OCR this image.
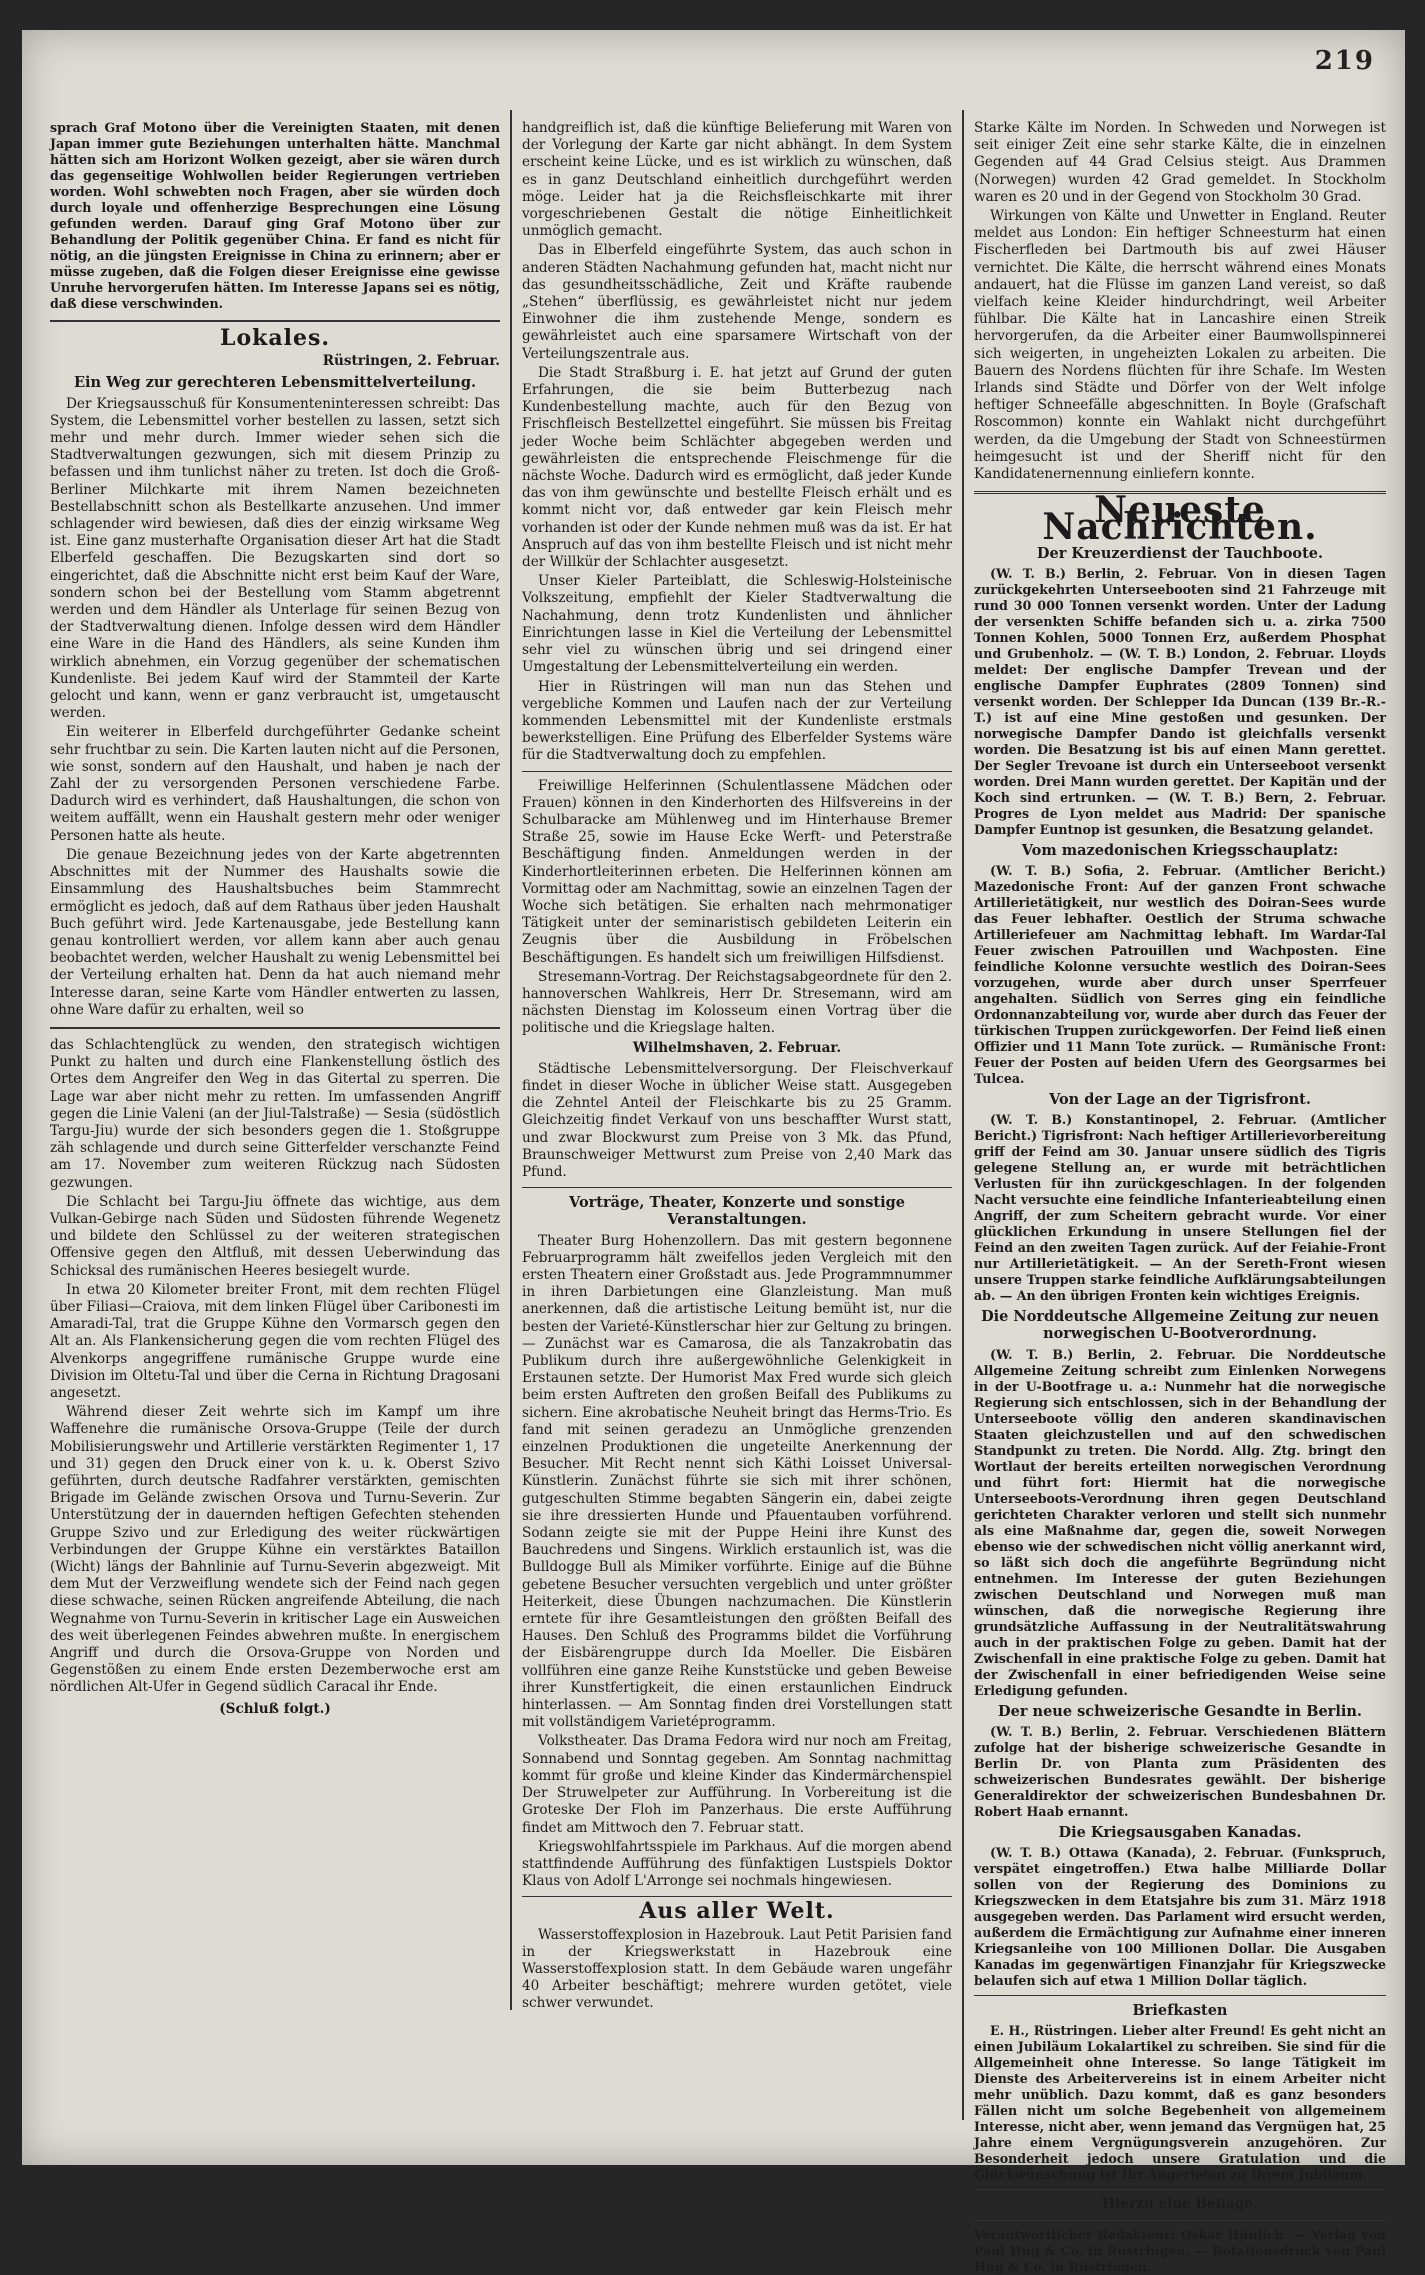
219

sprach Graf Motono über die Vereinigten Staaten, mit denen Japan immer gute Beziehungen unterhalten hätte. Manchmal hätten sich am Horizont Wolken gezeigt, aber sie wären durch das gegenseitige Wohlwollen beider Regierungen vertrieben worden. Wohl schwebten noch Fragen, aber sie würden doch durch loyale und offenherzige Besprechungen eine Lösung gefunden werden. Darauf ging Graf Motono über zur Behandlung der Politik gegenüber China. Er fand es nicht für nötig, an die jüngsten Ereignisse in China zu erinnern; aber er müsse zugeben, daß die Folgen dieser Ereignisse eine gewisse Unruhe hervorgerufen hätten. Im Interesse Japans sei es nötig, daß diese verschwinden.

Lokales.
Rüstringen, 2. Februar.
Ein Weg zur gerechteren Lebensmittelverteilung.

Der Kriegsausschuß für Konsumenteninteressen schreibt: Das System, die Lebensmittel vorher bestellen zu lassen, setzt sich mehr und mehr durch. Immer wieder sehen sich die Stadtverwaltungen gezwungen, sich mit diesem Prinzip zu befassen und ihm tunlichst näher zu treten. Ist doch die Groß-Berliner Milchkarte mit ihrem Namen bezeichneten Bestellabschnitt schon als Bestellkarte anzusehen. Und immer schlagender wird bewiesen, daß dies der einzig wirksame Weg ist. Eine ganz musterhafte Organisation dieser Art hat die Stadt Elberfeld geschaffen. Die Bezugskarten sind dort so eingerichtet, daß die Abschnitte nicht erst beim Kauf der Ware, sondern schon bei der Bestellung vom Stamm abgetrennt werden und dem Händler als Unterlage für seinen Bezug von der Stadtverwaltung dienen. Infolge dessen wird dem Händler eine Ware in die Hand des Händlers, als seine Kunden ihm wirklich abnehmen, ein Vorzug gegenüber der schematischen Kundenliste. Bei jedem Kauf wird der Stammteil der Karte gelocht und kann, wenn er ganz verbraucht ist, umgetauscht werden.

Ein weiterer in Elberfeld durchgeführter Gedanke scheint sehr fruchtbar zu sein. Die Karten lauten nicht auf die Personen, wie sonst, sondern auf den Haushalt, und haben je nach der Zahl der zu versorgenden Personen verschiedene Farbe. Dadurch wird es verhindert, daß Haushaltungen, die schon von weitem auffällt, wenn ein Haushalt gestern mehr oder weniger Personen hatte als heute.

Die genaue Bezeichnung jedes von der Karte abgetrennten Abschnittes mit der Nummer des Haushalts sowie die Einsammlung des Haushaltsbuches beim Stammrecht ermöglicht es jedoch, daß auf dem Rathaus über jeden Haushalt Buch geführt wird. Jede Kartenausgabe, jede Bestellung kann genau kontrolliert werden, vor allem kann aber auch genau beobachtet werden, welcher Haushalt zu wenig Lebensmittel bei der Verteilung erhalten hat. Denn da hat auch niemand mehr Interesse daran, seine Karte vom Händler entwerten zu lassen, ohne Ware dafür zu erhalten, weil so

das Schlachtenglück zu wenden, den strategisch wichtigen Punkt zu halten und durch eine Flankenstellung östlich des Ortes dem Angreifer den Weg in das Gitertal zu sperren. Die Lage war aber nicht mehr zu retten. Im umfassenden Angriff gegen die Linie Valeni (an der Jiul-Talstraße) — Sesia (südöstlich Targu-Jiu) wurde der sich besonders gegen die 1. Stoßgruppe zäh schlagende und durch seine Gitterfelder verschanzte Feind am 17. November zum weiteren Rückzug nach Südosten gezwungen.

Die Schlacht bei Targu-Jiu öffnete das wichtige, aus dem Vulkan-Gebirge nach Süden und Südosten führende Wegenetz und bildete den Schlüssel zu der weiteren strategischen Offensive gegen den Altfluß, mit dessen Ueberwindung das Schicksal des rumänischen Heeres besiegelt wurde.

In etwa 20 Kilometer breiter Front, mit dem rechten Flügel über Filiasi—Craiova, mit dem linken Flügel über Caribonesti im Amaradi-Tal, trat die Gruppe Kühne den Vormarsch gegen den Alt an. Als Flankensicherung gegen die vom rechten Flügel des Alvenkorps angegriffene rumänische Gruppe wurde eine Division im Oltetu-Tal und über die Cerna in Richtung Dragosani angesetzt.

Während dieser Zeit wehrte sich im Kampf um ihre Waffenehre die rumänische Orsova-Gruppe (Teile der durch Mobilisierungswehr und Artillerie verstärkten Regimenter 1, 17 und 31) gegen den Druck einer von k. u. k. Oberst Szivo geführten, durch deutsche Radfahrer verstärkten, gemischten Brigade im Gelände zwischen Orsova und Turnu-Severin. Zur Unterstützung der in dauernden heftigen Gefechten stehenden Gruppe Szivo und zur Erledigung des weiter rückwärtigen Verbindungen der Gruppe Kühne ein verstärktes Bataillon (Wicht) längs der Bahnlinie auf Turnu-Severin abgezweigt. Mit dem Mut der Verzweiflung wendete sich der Feind nach gegen diese schwache, seinen Rücken angreifende Abteilung, die nach Wegnahme von Turnu-Severin in kritischer Lage ein Ausweichen des weit überlegenen Feindes abwehren mußte. In energischem Angriff und durch die Orsova-Gruppe von Norden und Gegenstößen zu einem Ende ersten Dezemberwoche erst am nördlichen Alt-Ufer in Gegend südlich Caracal ihr Ende.

(Schluß folgt.)

handgreiflich ist, daß die künftige Belieferung mit Waren von der Vorlegung der Karte gar nicht abhängt. In dem System erscheint keine Lücke, und es ist wirklich zu wünschen, daß es in ganz Deutschland einheitlich durchgeführt werden möge. Leider hat ja die Reichsfleischkarte mit ihrer vorgeschriebenen Gestalt die nötige Einheitlichkeit unmöglich gemacht.

Das in Elberfeld eingeführte System, das auch schon in anderen Städten Nachahmung gefunden hat, macht nicht nur das gesundheitsschädliche, Zeit und Kräfte raubende „Stehen“ überflüssig, es gewährleistet nicht nur jedem Einwohner die ihm zustehende Menge, sondern es gewährleistet auch eine sparsamere Wirtschaft von der Verteilungszentrale aus.

Die Stadt Straßburg i. E. hat jetzt auf Grund der guten Erfahrungen, die sie beim Butterbezug nach Kundenbestellung machte, auch für den Bezug von Frischfleisch Bestellzettel eingeführt. Sie müssen bis Freitag jeder Woche beim Schlächter abgegeben werden und gewährleisten die entsprechende Fleischmenge für die nächste Woche. Dadurch wird es ermöglicht, daß jeder Kunde das von ihm gewünschte und bestellte Fleisch erhält und es kommt nicht vor, daß entweder gar kein Fleisch mehr vorhanden ist oder der Kunde nehmen muß was da ist. Er hat Anspruch auf das von ihm bestellte Fleisch und ist nicht mehr der Willkür der Schlachter ausgesetzt.

Unser Kieler Parteiblatt, die Schleswig-Holsteinische Volkszeitung, empfiehlt der Kieler Stadtverwaltung die Nachahmung, denn trotz Kundenlisten und ähnlicher Einrichtungen lasse in Kiel die Verteilung der Lebensmittel sehr viel zu wünschen übrig und sei dringend einer Umgestaltung der Lebensmittelverteilung ein werden.

Hier in Rüstringen will man nun das Stehen und vergebliche Kommen und Laufen nach der zur Verteilung kommenden Lebensmittel mit der Kundenliste erstmals bewerkstelligen. Eine Prüfung des Elberfelder Systems wäre für die Stadtverwaltung doch zu empfehlen.

Freiwillige Helferinnen (Schulentlassene Mädchen oder Frauen) können in den Kinderhorten des Hilfsvereins in der Schulbaracke am Mühlenweg und im Hinterhause Bremer Straße 25, sowie im Hause Ecke Werft- und Peterstraße Beschäftigung finden. Anmeldungen werden in der Kinderhortleiterinnen erbeten. Die Helferinnen können am Vormittag oder am Nachmittag, sowie an einzelnen Tagen der Woche sich betätigen. Sie erhalten nach mehrmonatiger Tätigkeit unter der seminaristisch gebildeten Leiterin ein Zeugnis über die Ausbildung in Fröbelschen Beschäftigungen. Es handelt sich um freiwilligen Hilfsdienst.

Stresemann-Vortrag. Der Reichstagsabgeordnete für den 2. hannoverschen Wahlkreis, Herr Dr. Stresemann, wird am nächsten Dienstag im Kolosseum einen Vortrag über die politische und die Kriegslage halten.

Wilhelmshaven, 2. Februar.

Städtische Lebensmittelversorgung. Der Fleischverkauf findet in dieser Woche in üblicher Weise statt. Ausgegeben die Zehntel Anteil der Fleischkarte bis zu 25 Gramm. Gleichzeitig findet Verkauf von uns beschaffter Wurst statt, und zwar Blockwurst zum Preise von 3 Mk. das Pfund, Braunschweiger Mettwurst zum Preise von 2,40 Mark das Pfund.

Vorträge, Theater, Konzerte und sonstige Veranstaltungen.

Theater Burg Hohenzollern. Das mit gestern begonnene Februarprogramm hält zweifellos jeden Vergleich mit den ersten Theatern einer Großstadt aus. Jede Programmnummer in ihren Darbietungen eine Glanzleistung. Man muß anerkennen, daß die artistische Leitung bemüht ist, nur die besten der Varieté-Künstlerschar hier zur Geltung zu bringen. — Zunächst war es Camarosa, die als Tanzakrobatin das Publikum durch ihre außergewöhnliche Gelenkigkeit in Erstaunen setzte. Der Humorist Max Fred wurde sich gleich beim ersten Auftreten den großen Beifall des Publikums zu sichern. Eine akrobatische Neuheit bringt das Herms-Trio. Es fand mit seinen geradezu an Unmögliche grenzenden einzelnen Produktionen die ungeteilte Anerkennung der Besucher. Mit Recht nennt sich Käthi Loisset Universal-Künstlerin. Zunächst führte sie sich mit ihrer schönen, gutgeschulten Stimme begabten Sängerin ein, dabei zeigte sie ihre dressierten Hunde und Pfauentauben vorführend. Sodann zeigte sie mit der Puppe Heini ihre Kunst des Bauchredens und Singens. Wirklich erstaunlich ist, was die Bulldogge Bull als Mimiker vorführte. Einige auf die Bühne gebetene Besucher versuchten vergeblich und unter größter Heiterkeit, diese Übungen nachzumachen. Die Künstlerin erntete für ihre Gesamtleistungen den größten Beifall des Hauses. Den Schluß des Programms bildet die Vorführung der Eisbärengruppe durch Ida Moeller. Die Eisbären vollführen eine ganze Reihe Kunststücke und geben Beweise ihrer Kunstfertigkeit, die einen erstaunlichen Eindruck hinterlassen. — Am Sonntag finden drei Vorstellungen statt mit vollständigem Varietéprogramm.

Volkstheater. Das Drama Fedora wird nur noch am Freitag, Sonnabend und Sonntag gegeben. Am Sonntag nachmittag kommt für große und kleine Kinder das Kindermärchenspiel Der Struwelpeter zur Aufführung. In Vorbereitung ist die Groteske Der Floh im Panzerhaus. Die erste Aufführung findet am Mittwoch den 7. Februar statt.

Kriegswohlfahrtsspiele im Parkhaus. Auf die morgen abend stattfindende Aufführung des fünfaktigen Lustspiels Doktor Klaus von Adolf L'Arronge sei nochmals hingewiesen.

Aus aller Welt.

Wasserstoffexplosion in Hazebrouk. Laut Petit Parisien fand in der Kriegswerkstatt in Hazebrouk eine Wasserstoffexplosion statt. In dem Gebäude waren ungefähr 40 Arbeiter beschäftigt; mehrere wurden getötet, viele schwer verwundet.

Starke Kälte im Norden. In Schweden und Norwegen ist seit einiger Zeit eine sehr starke Kälte, die in einzelnen Gegenden auf 44 Grad Celsius steigt. Aus Drammen (Norwegen) wurden 42 Grad gemeldet. In Stockholm waren es 20 und in der Gegend von Stockholm 30 Grad.

Wirkungen von Kälte und Unwetter in England. Reuter meldet aus London: Ein heftiger Schneesturm hat einen Fischerfleden bei Dartmouth bis auf zwei Häuser vernichtet. Die Kälte, die herrscht während eines Monats andauert, hat die Flüsse im ganzen Land vereist, so daß vielfach keine Kleider hindurchdringt, weil Arbeiter fühlbar. Die Kälte hat in Lancashire einen Streik hervorgerufen, da die Arbeiter einer Baumwollspinnerei sich weigerten, in ungeheizten Lokalen zu arbeiten. Die Bauern des Nordens flüchten für ihre Schafe. Im Westen Irlands sind Städte und Dörfer von der Welt infolge heftiger Schneefälle abgeschnitten. In Boyle (Grafschaft Roscommon) konnte ein Wahlakt nicht durchgeführt werden, da die Umgebung der Stadt von Schneestürmen heimgesucht ist und der Sheriff nicht für den Kandidatenernennung einliefern konnte.

Neueste Nachrichten.
Der Kreuzerdienst der Tauchboote.

(W. T. B.) Berlin, 2. Februar. Von in diesen Tagen zurückgekehrten Unterseebooten sind 21 Fahrzeuge mit rund 30 000 Tonnen versenkt worden. Unter der Ladung der versenkten Schiffe befanden sich u. a. zirka 7500 Tonnen Kohlen, 5000 Tonnen Erz, außerdem Phosphat und Grubenholz. — (W. T. B.) London, 2. Februar. Lloyds meldet: Der englische Dampfer Trevean und der englische Dampfer Euphrates (2809 Tonnen) sind versenkt worden. Der Schlepper Ida Duncan (139 Br.-R.-T.) ist auf eine Mine gestoßen und gesunken. Der norwegische Dampfer Dando ist gleichfalls versenkt worden. Die Besatzung ist bis auf einen Mann gerettet. Der Segler Trevoane ist durch ein Unterseeboot versenkt worden. Drei Mann wurden gerettet. Der Kapitän und der Koch sind ertrunken. — (W. T. B.) Bern, 2. Februar. Progres de Lyon meldet aus Madrid: Der spanische Dampfer Euntnop ist gesunken, die Besatzung gelandet.

Vom mazedonischen Kriegsschauplatz:

(W. T. B.) Sofia, 2. Februar. (Amtlicher Bericht.) Mazedonische Front: Auf der ganzen Front schwache Artillerietätigkeit, nur westlich des Doiran-Sees wurde das Feuer lebhafter. Oestlich der Struma schwache Artilleriefeuer am Nachmittag lebhaft. Im Wardar-Tal Feuer zwischen Patrouillen und Wachposten. Eine feindliche Kolonne versuchte westlich des Doiran-Sees vorzugehen, wurde aber durch unser Sperrfeuer angehalten. Südlich von Serres ging ein feindliche Ordonnanzabteilung vor, wurde aber durch das Feuer der türkischen Truppen zurückgeworfen. Der Feind ließ einen Offizier und 11 Mann Tote zurück. — Rumänische Front: Feuer der Posten auf beiden Ufern des Georgsarmes bei Tulcea.

Von der Lage an der Tigrisfront.

(W. T. B.) Konstantinopel, 2. Februar. (Amtlicher Bericht.) Tigrisfront: Nach heftiger Artillerievorbereitung griff der Feind am 30. Januar unsere südlich des Tigris gelegene Stellung an, er wurde mit beträchtlichen Verlusten für ihn zurückgeschlagen. In der folgenden Nacht versuchte eine feindliche Infanterieabteilung einen Angriff, der zum Scheitern gebracht wurde. Vor einer glücklichen Erkundung in unsere Stellungen fiel der Feind an den zweiten Tagen zurück. Auf der Feiahie-Front nur Artillerietätigkeit. — An der Sereth-Front wiesen unsere Truppen starke feindliche Aufklärungsabteilungen ab. — An den übrigen Fronten kein wichtiges Ereignis.

Die Norddeutsche Allgemeine Zeitung zur neuen norwegischen U-Bootverordnung.

(W. T. B.) Berlin, 2. Februar. Die Norddeutsche Allgemeine Zeitung schreibt zum Einlenken Norwegens in der U-Bootfrage u. a.: Nunmehr hat die norwegische Regierung sich entschlossen, sich in der Behandlung der Unterseeboote völlig den anderen skandinavischen Staaten gleichzustellen und auf den schwedischen Standpunkt zu treten. Die Nordd. Allg. Ztg. bringt den Wortlaut der bereits erteilten norwegischen Verordnung und führt fort: Hiermit hat die norwegische Unterseeboots-Verordnung ihren gegen Deutschland gerichteten Charakter verloren und stellt sich nunmehr als eine Maßnahme dar, gegen die, soweit Norwegen ebenso wie der schwedischen nicht völlig anerkannt wird, so läßt sich doch die angeführte Begründung nicht entnehmen. Im Interesse der guten Beziehungen zwischen Deutschland und Norwegen muß man wünschen, daß die norwegische Regierung ihre grundsätzliche Auffassung in der Neutralitätswahrung auch in der praktischen Folge zu geben. Damit hat der Zwischenfall in eine praktische Folge zu geben. Damit hat der Zwischenfall in einer befriedigenden Weise seine Erledigung gefunden.

Der neue schweizerische Gesandte in Berlin.

(W. T. B.) Berlin, 2. Februar. Verschiedenen Blättern zufolge hat der bisherige schweizerische Gesandte in Berlin Dr. von Planta zum Präsidenten des schweizerischen Bundesrates gewählt. Der bisherige Generaldirektor der schweizerischen Bundesbahnen Dr. Robert Haab ernannt.

Die Kriegsausgaben Kanadas.

(W. T. B.) Ottawa (Kanada), 2. Februar. (Funkspruch, verspätet eingetroffen.) Etwa halbe Milliarde Dollar sollen von der Regierung des Dominions zu Kriegszwecken in dem Etatsjahre bis zum 31. März 1918 ausgegeben werden. Das Parlament wird ersucht werden, außerdem die Ermächtigung zur Aufnahme einer inneren Kriegsanleihe von 100 Millionen Dollar. Die Ausgaben Kanadas im gegenwärtigen Finanzjahr für Kriegszwecke belaufen sich auf etwa 1 Million Dollar täglich.

Briefkasten

E. H., Rüstringen. Lieber alter Freund! Es geht nicht an einen Jubiläum Lokalartikel zu schreiben. Sie sind für die Allgemeinheit ohne Interesse. So lange Tätigkeit im Dienste des Arbeitervereins ist in einem Arbeiter nicht mehr unüblich. Dazu kommt, daß es ganz besonders Fällen nicht um solche Begebenheit von allgemeinem Interesse, nicht aber, wenn jemand das Vergnügen hat, 25 Jahre einem Vergnügungsverein anzugehören. Zur Besonderheit jedoch unsere Gratulation und die Glückwünschung ist Ihr Angerieten zu Ihrem Jubiläum.

Hierzu eine Beilage.
Verantwortlicher Redakteur: Oskar Hünlich. — Verlag von Paul Hug & Co. in Rüstringen. — Rotationsdruck von Paul Hug & Co. in Rüstringen.
